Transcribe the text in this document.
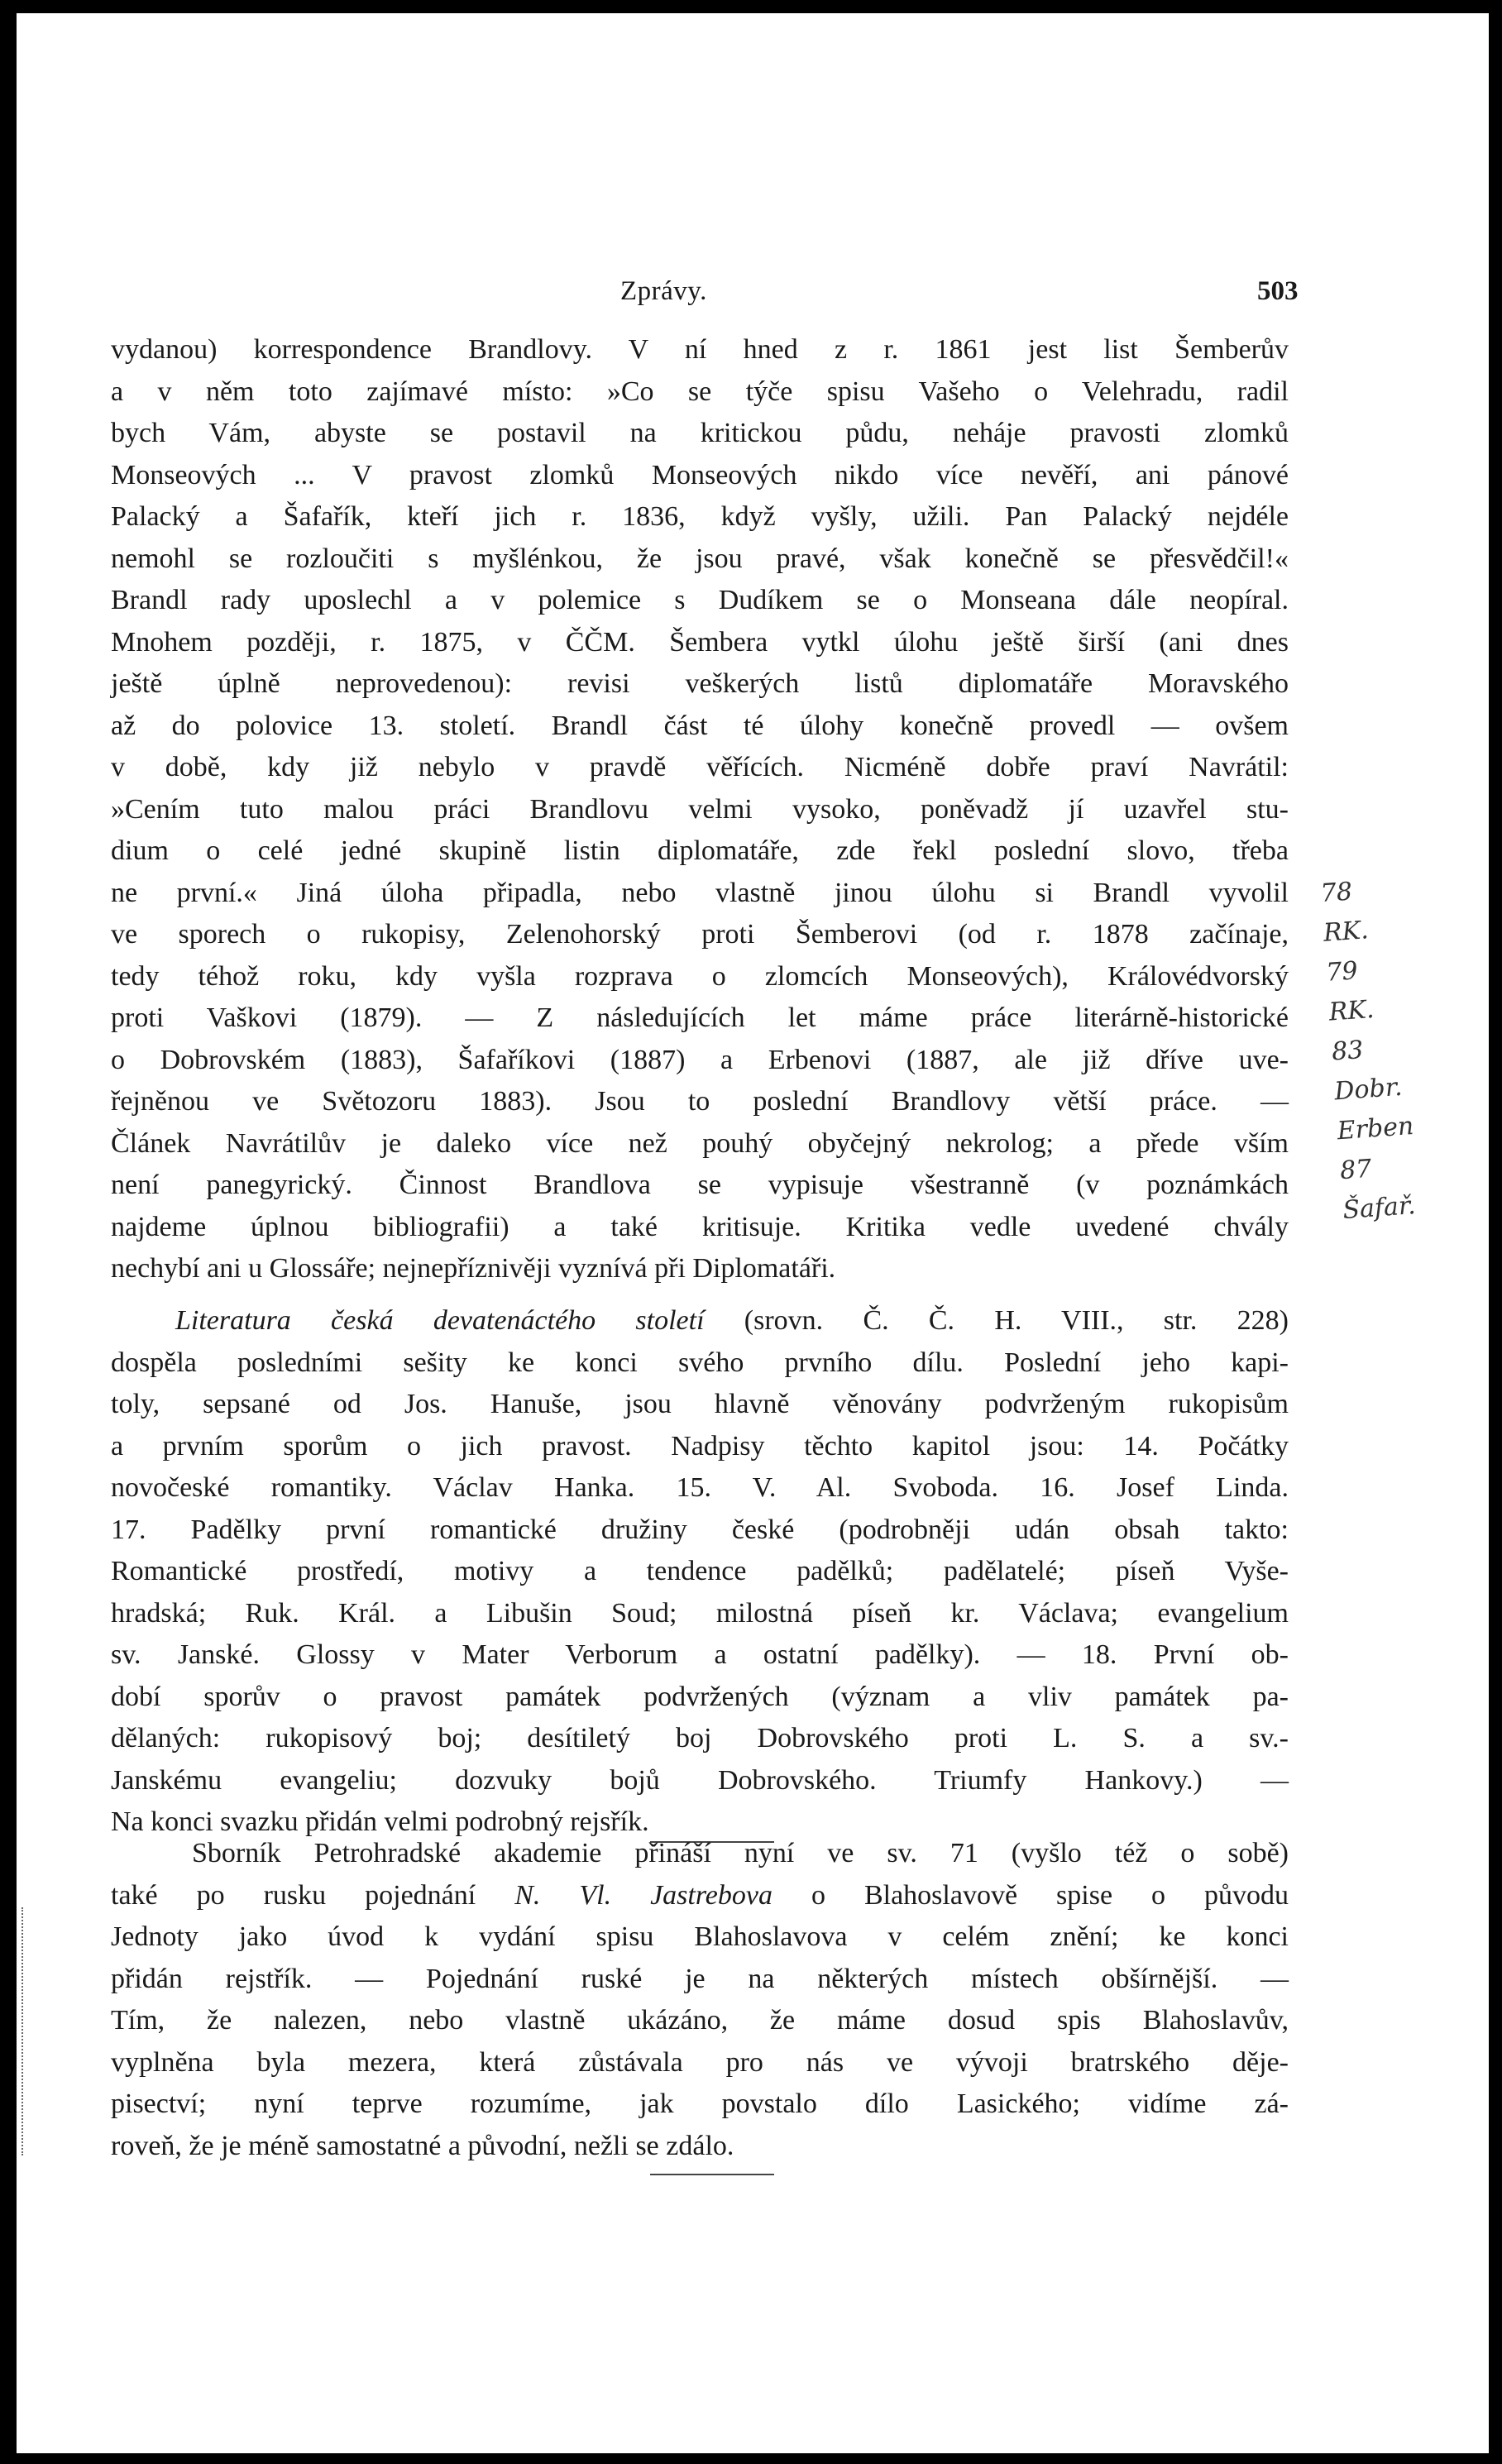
Zprávy.	503
vydanou) korrespondence Brandlovy. V ní hned z r. 1861 jest list Šemberův
a v něm toto zajímavé místo: »Co se týče spisu Vašeho o Velehradu, radil
bych Vám, abyste se postavil na kritickou půdu, neháje pravosti zlomků
Monseových ... V pravost zlomků Monseových nikdo více nevěří, ani pánové
Palacký a Šafařík, kteří jich r. 1836, když vyšly, užili. Pan Palacký nejdéle
nemohl se rozloučiti s myšlénkou, že jsou pravé, však konečně se přesvědčil!«
Brandl rady uposlechl a v polemice s Dudíkem se o Monseana dále neopíral.
Mnohem později, r. 1875, v ČČM. Šembera vytkl úlohu ještě širší (ani dnes
ještě úplně neprovedenou): revisi veškerých listů diplomatáře Moravského
až do polovice 13. století. Brandl část té úlohy konečně provedl — ovšem
v době, kdy již nebylo v pravdě věřících. Nicméně dobře praví Navrátil:
»Cením tuto malou práci Brandlovu velmi vysoko, poněvadž jí uzavřel stu-
dium o celé jedné skupině listin diplomatáře, zde řekl poslední slovo, třeba
ne první.« Jiná úloha připadla, nebo vlastně jinou úlohu si Brandl vyvolil
ve sporech o rukopisy, Zelenohorský proti Šemberovi (od r. 1878 začínaje,
tedy téhož roku, kdy vyšla rozprava o zlomcích Monseových), Královédvorský
proti Vaškovi (1879). — Z následujících let máme práce literárně-historické
o Dobrovském (1883), Šafaříkovi (1887) a Erbenovi (1887, ale již dříve uve-
řejněnou ve Světozoru 1883). Jsou to poslední Brandlovy větší práce. —
Článek Navrátilův je daleko více než pouhý obyčejný nekrolog; a přede vším
není panegyrický. Činnost Brandlova se vypisuje všestranně (v poznámkách
najdeme úplnou bibliografii) a také kritisuje. Kritika vedle uvedené chvály
nechybí ani u Glossáře; nejnepříznivěji vyznívá při Diplomatáři.
Literatura česká devatenáctého století (srovn. Č. Č. H. VIII., str. 228)
dospěla posledními sešity ke konci svého prvního dílu. Poslední jeho kapi-
toly, sepsané od Jos. Hanuše, jsou hlavně věnovány podvrženým rukopisům
a prvním sporům o jich pravost. Nadpisy těchto kapitol jsou: 14. Počátky
novočeské romantiky. Václav Hanka. 15. V. Al. Svoboda. 16. Josef Linda.
17. Padělky první romantické družiny české (podrobněji udán obsah takto:
Romantické prostředí, motivy a tendence padělků; padělatelé; píseň Vyše-
hradská; Ruk. Král. a Libušin Soud; milostná píseň kr. Václava; evangelium
sv. Janské. Glossy v Mater Verborum a ostatní padělky). — 18. První ob-
dobí sporův o pravost památek podvržených (význam a vliv památek pa-
dělaných: rukopisový boj; desítiletý boj Dobrovského proti L. S. a sv.-
Janskému evangeliu; dozvuky bojů Dobrovského. Triumfy Hankovy.) —
Na konci svazku přidán velmi podrobný rejsřík.
Sborník Petrohradské akademie přináší nyní ve sv. 71 (vyšlo též o sobě)
také po rusku pojednání N. Vl. Jastrebova o Blahoslavově spise o původu
Jednoty jako úvod k vydání spisu Blahoslavova v celém znění; ke konci
přidán rejstřík. — Pojednání ruské je na některých místech obšírnější. —
Tím, že nalezen, nebo vlastně ukázáno, že máme dosud spis Blahoslavův,
vyplněna byla mezera, která zůstávala pro nás ve vývoji bratrského děje-
pisectví; nyní teprve rozumíme, jak povstalo dílo Lasického; vidíme zá-
roveň, že je méně samostatné a původní, nežli se zdálo.
78
RK.
79
RK.
83
Dobr.
Erben
87
Šafař.
